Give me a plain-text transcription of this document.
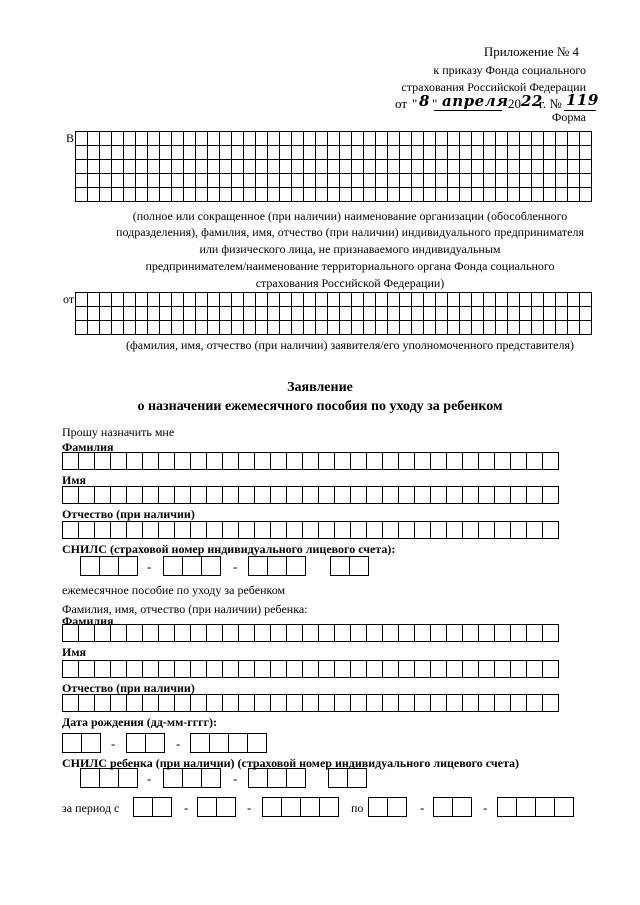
Приложение № 4
к приказу Фонда социального
страхования Российской Федерации
от " 8 " апреля 20 22
г. № 119
Форма
В

(полное или сокращенное (при наличии) наименование организации (обособленного
подразделения), фамилия, имя, отчество (при наличии) индивидуального предпринимателя
или физического лица, не признаваемого индивидуальным
предпринимателем/наименование территориального органа Фонда социального
страхования Российской Федерации)
от

(фамилия, имя, отчество (при наличии) заявителя/его уполномоченного представителя)
Заявление
о назначении ежемесячного пособия по уходу за ребенком
Прошу назначить мне
Фамилия

Имя

Отчество (при наличии)

СНИЛС (страховой номер индивидуального лицевого счета):
-	-
ежемесячное пособие по уходу за ребенком
Фамилия, имя, отчество (при наличии) ребенка:
Фамилия

Имя

Отчество (при наличии)

Дата рождения (дд-мм-гггг):
-	-
СНИЛС ребенка (при наличии) (страховой номер индивидуального лицевого счета)
-	-
за период с	-	-	по	-	-
